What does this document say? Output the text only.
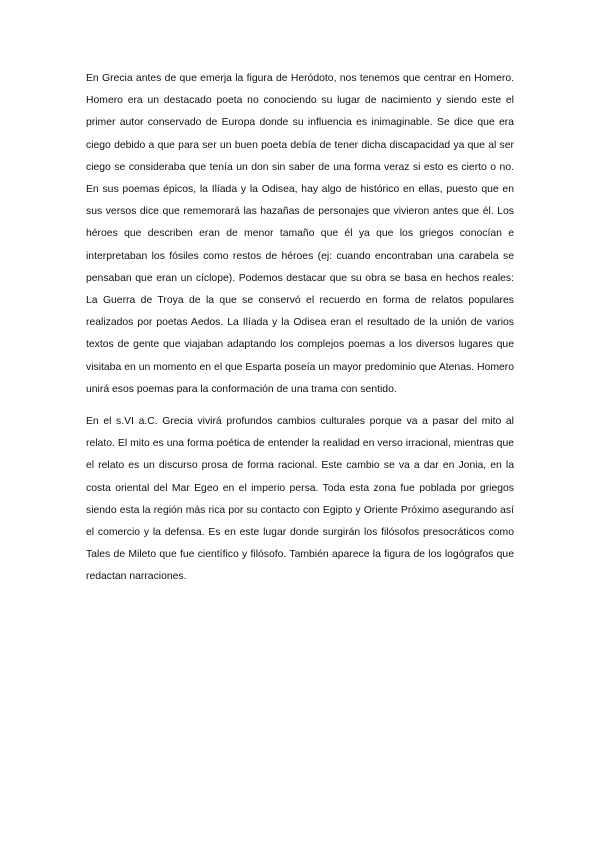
En Grecia antes de que emerja la figura de Heródoto, nos tenemos que centrar en Homero. Homero era un destacado poeta no conociendo su lugar de nacimiento y siendo este el primer autor conservado de Europa donde su influencia es inimaginable. Se dice que era ciego debido a que para ser un buen poeta debía de tener dicha discapacidad ya que al ser ciego se consideraba que tenía un don sin saber de una forma veraz si esto es cierto o no. En sus poemas épicos, la Ilíada y la Odisea, hay algo de histórico en ellas, puesto que en sus versos dice que rememorará las hazañas de personajes que vivieron antes que él. Los héroes que describen eran de menor tamaño que él ya que los griegos conocían e interpretaban los fósiles como restos de héroes (ej: cuando encontraban una carabela se pensaban que eran un cíclope). Podemos destacar que su obra se basa en hechos reales: La Guerra de Troya de la que se conservó el recuerdo en forma de relatos populares realizados por poetas Aedos. La Ilíada y la Odisea eran el resultado de la unión de varios textos de gente que viajaban adaptando los complejos poemas a los diversos lugares que visitaba en un momento en el que Esparta poseía un mayor predominio que Atenas. Homero unirá esos poemas para la conformación de una trama con sentido.

En el s.VI a.C. Grecia vivirá profundos cambios culturales porque va a pasar del mito al relato. El mito es una forma poética de entender la realidad en verso irracional, mientras que el relato es un discurso prosa de forma racional. Este cambio se va a dar en Jonia, en la costa oriental del Mar Egeo en el imperio persa. Toda esta zona fue poblada por griegos siendo esta la región más rica por su contacto con Egipto y Oriente Próximo asegurando así el comercio y la defensa. Es en este lugar donde surgirán los filósofos presocráticos como Tales de Mileto que fue científico y filósofo. También aparece la figura de los logógrafos que redactan narraciones.
